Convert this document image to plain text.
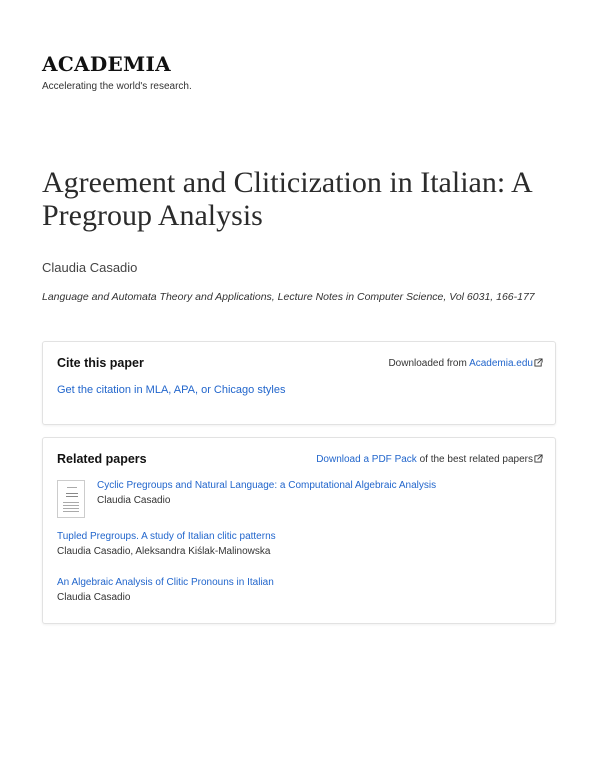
ACADEMIA
Accelerating the world's research.
Agreement and Cliticization in Italian: A Pregroup Analysis
Claudia Casadio
Language and Automata Theory and Applications, Lecture Notes in Computer Science, Vol 6031, 166-177
Cite this paper	Downloaded from Academia.edu
Get the citation in MLA, APA, or Chicago styles
Related papers	Download a PDF Pack of the best related papers
Cyclic Pregroups and Natural Language: a Computational Algebraic Analysis
Claudia Casadio
Tupled Pregroups. A study of Italian clitic patterns
Claudia Casadio, Aleksandra Kiślak-Malinowska
An Algebraic Analysis of Clitic Pronouns in Italian
Claudia Casadio
